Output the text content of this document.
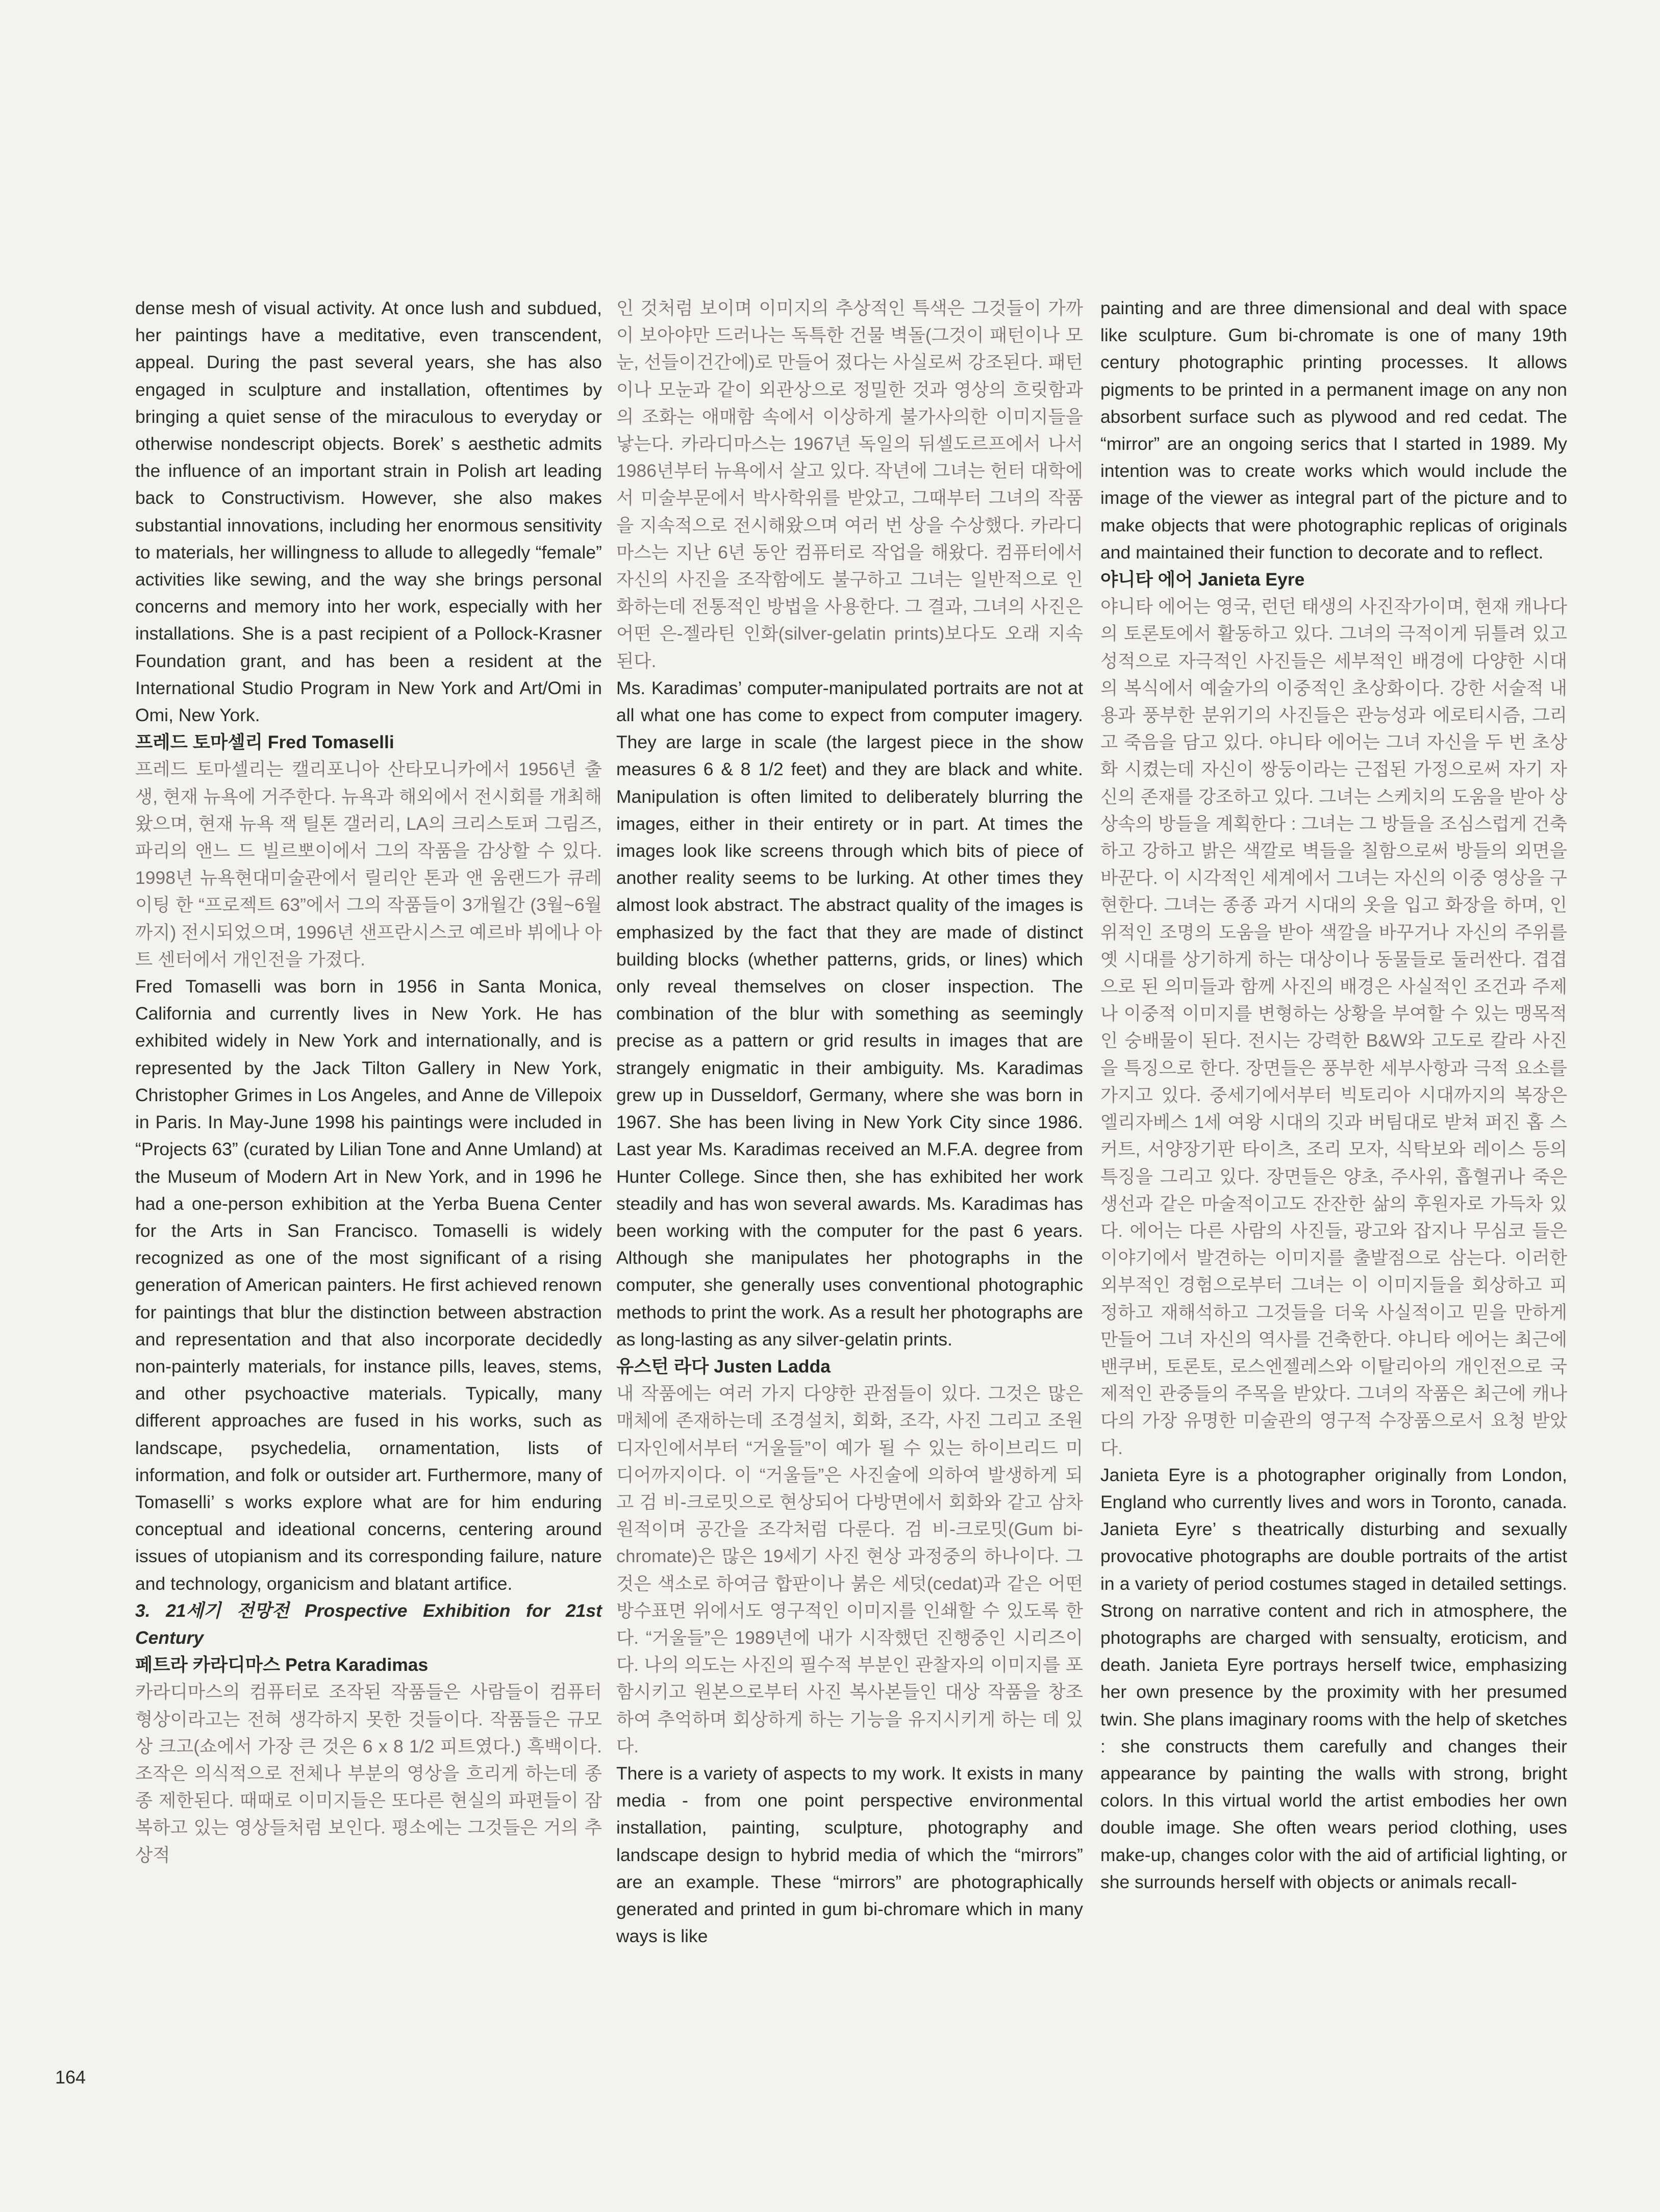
dense mesh of visual activity. At once lush and subdued, her paintings have a meditative, even transcendent, appeal. During the past several years, she has also engaged in sculpture and installation, oftentimes by bringing a quiet sense of the miraculous to everyday or otherwise nondescript objects. Borek’ s aesthetic admits the influence of an important strain in Polish art leading back to Constructivism. However, she also makes substantial innovations, including her enormous sensitivity to materials, her willingness to allude to allegedly “female” activities like sewing, and the way she brings personal concerns and memory into her work, especially with her installations. She is a past recipient of a Pollock-Krasner Foundation grant, and has been a resident at the International Studio Program in New York and Art/Omi in Omi, New York.

프레드 토마셀리 Fred Tomaselli

프레드 토마셀리는 캘리포니아 산타모니카에서 1956년 출생, 현재 뉴욕에 거주한다. 뉴욕과 해외에서 전시회를 개최해 왔으며, 현재 뉴욕 잭 틸톤 갤러리, LA의 크리스토퍼 그림즈, 파리의 앤느 드 빌르뽀이에서 그의 작품을 감상할 수 있다. 1998년 뉴욕현대미술관에서 릴리안 톤과 앤 움랜드가 큐레이팅 한 “프로젝트 63”에서 그의 작품들이 3개월간 (3월~6월까지) 전시되었으며, 1996년 샌프란시스코 예르바 뷔에나 아트 센터에서 개인전을 가졌다.

Fred Tomaselli was born in 1956 in Santa Monica, California and currently lives in New York. He has exhibited widely in New York and internationally, and is represented by the Jack Tilton Gallery in New York, Christopher Grimes in Los Angeles, and Anne de Villepoix in Paris. In May-June 1998 his paintings were included in “Projects 63” (curated by Lilian Tone and Anne Umland) at the Museum of Modern Art in New York, and in 1996 he had a one-person exhibition at the Yerba Buena Center for the Arts in San Francisco. Tomaselli is widely recognized as one of the most significant of a rising generation of American painters. He first achieved renown for paintings that blur the distinction between abstraction and representation and that also incorporate decidedly non-painterly materials, for instance pills, leaves, stems, and other psychoactive materials. Typically, many different approaches are fused in his works, such as landscape, psychedelia, ornamentation, lists of information, and folk or outsider art. Furthermore, many of Tomaselli’ s works explore what are for him enduring conceptual and ideational concerns, centering around issues of utopianism and its corresponding failure, nature and technology, organicism and blatant artifice.

3. 21세기 전망전 Prospective Exhibition for 21st Century

페트라 카라디마스 Petra Karadimas

카라디마스의 컴퓨터로 조작된 작품들은 사람들이 컴퓨터 형상이라고는 전혀 생각하지 못한 것들이다. 작품들은 규모상 크고(쇼에서 가장 큰 것은 6 x 8 1/2 피트였다.) 흑백이다. 조작은 의식적으로 전체나 부분의 영상을 흐리게 하는데 종종 제한된다. 때때로 이미지들은 또다른 현실의 파편들이 잠복하고 있는 영상들처럼 보인다. 평소에는 그것들은 거의 추상적

인 것처럼 보이며 이미지의 추상적인 특색은 그것들이 가까이 보아야만 드러나는 독특한 건물 벽돌(그것이 패턴이나 모눈, 선들이건간에)로 만들어 졌다는 사실로써 강조된다. 패턴이나 모눈과 같이 외관상으로 정밀한 것과 영상의 흐릿함과의 조화는 애매함 속에서 이상하게 불가사의한 이미지들을 낳는다. 카라디마스는 1967년 독일의 뒤셀도르프에서 나서 1986년부터 뉴욕에서 살고 있다. 작년에 그녀는 헌터 대학에서 미술부문에서 박사학위를 받았고, 그때부터 그녀의 작품을 지속적으로 전시해왔으며 여러 번 상을 수상했다. 카라디마스는 지난 6년 동안 컴퓨터로 작업을 해왔다. 컴퓨터에서 자신의 사진을 조작함에도 불구하고 그녀는 일반적으로 인화하는데 전통적인 방법을 사용한다. 그 결과, 그녀의 사진은 어떤 은-젤라틴 인화(silver-gelatin prints)보다도 오래 지속된다.

Ms. Karadimas’ computer-manipulated portraits are not at all what one has come to expect from computer imagery. They are large in scale (the largest piece in the show measures 6 & 8 1/2 feet) and they are black and white. Manipulation is often limited to deliberately blurring the images, either in their entirety or in part. At times the images look like screens through which bits of piece of another reality seems to be lurking. At other times they almost look abstract. The abstract quality of the images is emphasized by the fact that they are made of distinct building blocks (whether patterns, grids, or lines) which only reveal themselves on closer inspection. The combination of the blur with something as seemingly precise as a pattern or grid results in images that are strangely enigmatic in their ambiguity. Ms. Karadimas grew up in Dusseldorf, Germany, where she was born in 1967. She has been living in New York City since 1986. Last year Ms. Karadimas received an M.F.A. degree from Hunter College. Since then, she has exhibited her work steadily and has won several awards. Ms. Karadimas has been working with the computer for the past 6 years. Although she manipulates her photographs in the computer, she generally uses conventional photographic methods to print the work. As a result her photographs are as long-lasting as any silver-gelatin prints.

유스턴 라다 Justen Ladda

내 작품에는 여러 가지 다양한 관점들이 있다. 그것은 많은 매체에 존재하는데 조경설치, 회화, 조각, 사진 그리고 조원 디자인에서부터 “거울들”이 예가 될 수 있는 하이브리드 미디어까지이다. 이 “거울들”은 사진술에 의하여 발생하게 되고 검 비-크로밋으로 현상되어 다방면에서 회화와 같고 삼차원적이며 공간을 조각처럼 다룬다. 검 비-크로밋(Gum bi-chromate)은 많은 19세기 사진 현상 과정중의 하나이다. 그것은 색소로 하여금 합판이나 붉은 세덧(cedat)과 같은 어떤 방수표면 위에서도 영구적인 이미지를 인쇄할 수 있도록 한다. “거울들”은 1989년에 내가 시작했던 진행중인 시리즈이다. 나의 의도는 사진의 필수적 부분인 관찰자의 이미지를 포함시키고 원본으로부터 사진 복사본들인 대상 작품을 창조하여 추억하며 회상하게 하는 기능을 유지시키게 하는 데 있다.

There is a variety of aspects to my work. It exists in many media - from one point perspective environmental installation, painting, sculpture, photography and landscape design to hybrid media of which the “mirrors” are an example. These “mirrors” are photographically generated and printed in gum bi-chromare which in many ways is like

painting and are three dimensional and deal with space like sculpture. Gum bi-chromate is one of many 19th century photographic printing processes. It allows pigments to be printed in a permanent image on any non absorbent surface such as plywood and red cedat. The “mirror” are an ongoing serics that I started in 1989. My intention was to create works which would include the image of the viewer as integral part of the picture and to make objects that were photographic replicas of originals and maintained their function to decorate and to reflect.

야니타 에어 Janieta Eyre

야니타 에어는 영국, 런던 태생의 사진작가이며, 현재 캐나다의 토론토에서 활동하고 있다. 그녀의 극적이게 뒤틀려 있고 성적으로 자극적인 사진들은 세부적인 배경에 다양한 시대의 복식에서 예술가의 이중적인 초상화이다. 강한 서술적 내용과 풍부한 분위기의 사진들은 관능성과 에로티시즘, 그리고 죽음을 담고 있다. 야니타 에어는 그녀 자신을 두 번 초상화 시켰는데 자신이 쌍둥이라는 근접된 가정으로써 자기 자신의 존재를 강조하고 있다. 그녀는 스케치의 도움을 받아 상상속의 방들을 계획한다 : 그녀는 그 방들을 조심스럽게 건축하고 강하고 밝은 색깔로 벽들을 칠함으로써 방들의 외면을 바꾼다. 이 시각적인 세계에서 그녀는 자신의 이중 영상을 구현한다. 그녀는 종종 과거 시대의 옷을 입고 화장을 하며, 인위적인 조명의 도움을 받아 색깔을 바꾸거나 자신의 주위를 옛 시대를 상기하게 하는 대상이나 동물들로 둘러싼다. 겹겹으로 된 의미들과 함께 사진의 배경은 사실적인 조건과 주제나 이중적 이미지를 변형하는 상황을 부여할 수 있는 맹목적인 숭배물이 된다. 전시는 강력한 B&W와 고도로 칼라 사진을 특징으로 한다. 장면들은 풍부한 세부사항과 극적 요소를 가지고 있다. 중세기에서부터 빅토리아 시대까지의 복장은 엘리자베스 1세 여왕 시대의 깃과 버팀대로 받쳐 퍼진 홉 스커트, 서양장기판 타이츠, 조리 모자, 식탁보와 레이스 등의 특징을 그리고 있다. 장면들은 양초, 주사위, 흡혈귀나 죽은 생선과 같은 마술적이고도 잔잔한 삶의 후원자로 가득차 있다. 에어는 다른 사람의 사진들, 광고와 잡지나 무심코 들은 이야기에서 발견하는 이미지를 출발점으로 삼는다. 이러한 외부적인 경험으로부터 그녀는 이 이미지들을 회상하고 피정하고 재해석하고 그것들을 더욱 사실적이고 믿을 만하게 만들어 그녀 자신의 역사를 건축한다. 야니타 에어는 최근에 밴쿠버, 토론토, 로스엔젤레스와 이탈리아의 개인전으로 국제적인 관중들의 주목을 받았다. 그녀의 작품은 최근에 캐나다의 가장 유명한 미술관의 영구적 수장품으로서 요청 받았다.

Janieta Eyre is a photographer originally from London, England who currently lives and wors in Toronto, canada. Janieta Eyre’ s theatrically disturbing and sexually provocative photographs are double portraits of the artist in a variety of period costumes staged in detailed settings. Strong on narrative content and rich in atmosphere, the photographs are charged with sensualty, eroticism, and death. Janieta Eyre portrays herself twice, emphasizing her own presence by the proximity with her presumed twin. She plans imaginary rooms with the help of sketches : she constructs them carefully and changes their appearance by painting the walls with strong, bright colors. In this virtual world the artist embodies her own double image. She often wears period clothing, uses make-up, changes color with the aid of artificial lighting, or she surrounds herself with objects or animals recall-

164
